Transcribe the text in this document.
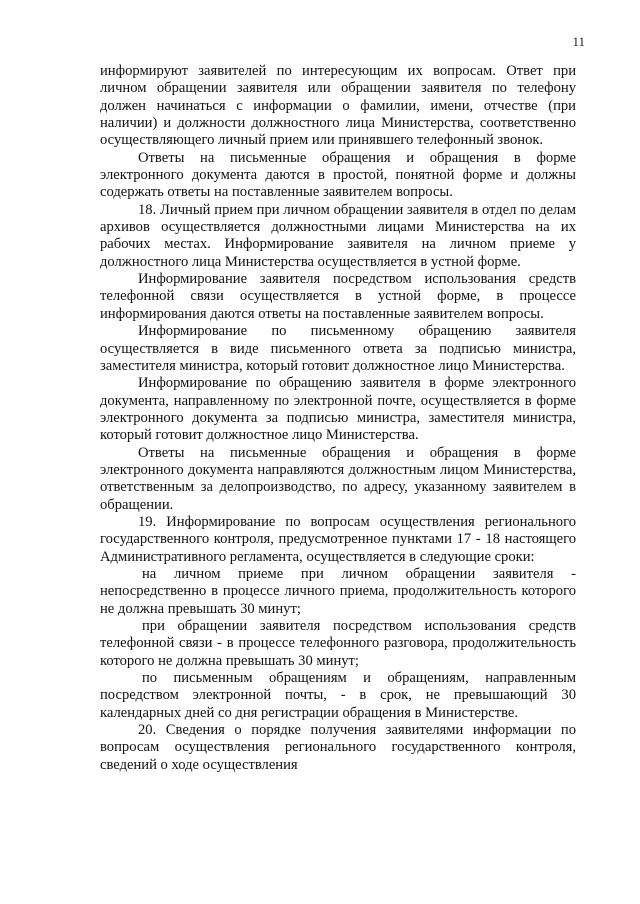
11

информируют заявителей по интересующим их вопросам. Ответ при личном обращении заявителя или обращении заявителя по телефону должен начинаться с информации о фамилии, имени, отчестве (при наличии) и должности должностного лица Министерства, соответственно осуществляющего личный прием или принявшего телефонный звонок.

Ответы на письменные обращения и обращения в форме электронного документа даются в простой, понятной форме и должны содержать ответы на поставленные заявителем вопросы.

18. Личный прием при личном обращении заявителя в отдел по делам архивов осуществляется должностными лицами Министерства на их рабочих местах. Информирование заявителя на личном приеме у должностного лица Министерства осуществляется в устной форме.

Информирование заявителя посредством использования средств телефонной связи осуществляется в устной форме, в процессе информирования даются ответы на поставленные заявителем вопросы.

Информирование по письменному обращению заявителя осуществляется в виде письменного ответа за подписью министра, заместителя министра, который готовит должностное лицо Министерства.

Информирование по обращению заявителя в форме электронного документа, направленному по электронной почте, осуществляется в форме электронного документа за подписью министра, заместителя министра, который готовит должностное лицо Министерства.

Ответы на письменные обращения и обращения в форме электронного документа направляются должностным лицом Министерства, ответственным за делопроизводство, по адресу, указанному заявителем в обращении.

19. Информирование по вопросам осуществления регионального государственного контроля, предусмотренное пунктами 17 - 18 настоящего Административного регламента, осуществляется в следующие сроки:

на личном приеме при личном обращении заявителя - непосредственно в процессе личного приема, продолжительность которого не должна превышать 30 минут;

при обращении заявителя посредством использования средств телефонной связи - в процессе телефонного разговора, продолжительность которого не должна превышать 30 минут;

по письменным обращениям и обращениям, направленным посредством электронной почты, - в срок, не превышающий 30 календарных дней со дня регистрации обращения в Министерстве.

20. Сведения о порядке получения заявителями информации по вопросам осуществления регионального государственного контроля, сведений о ходе осуществления
